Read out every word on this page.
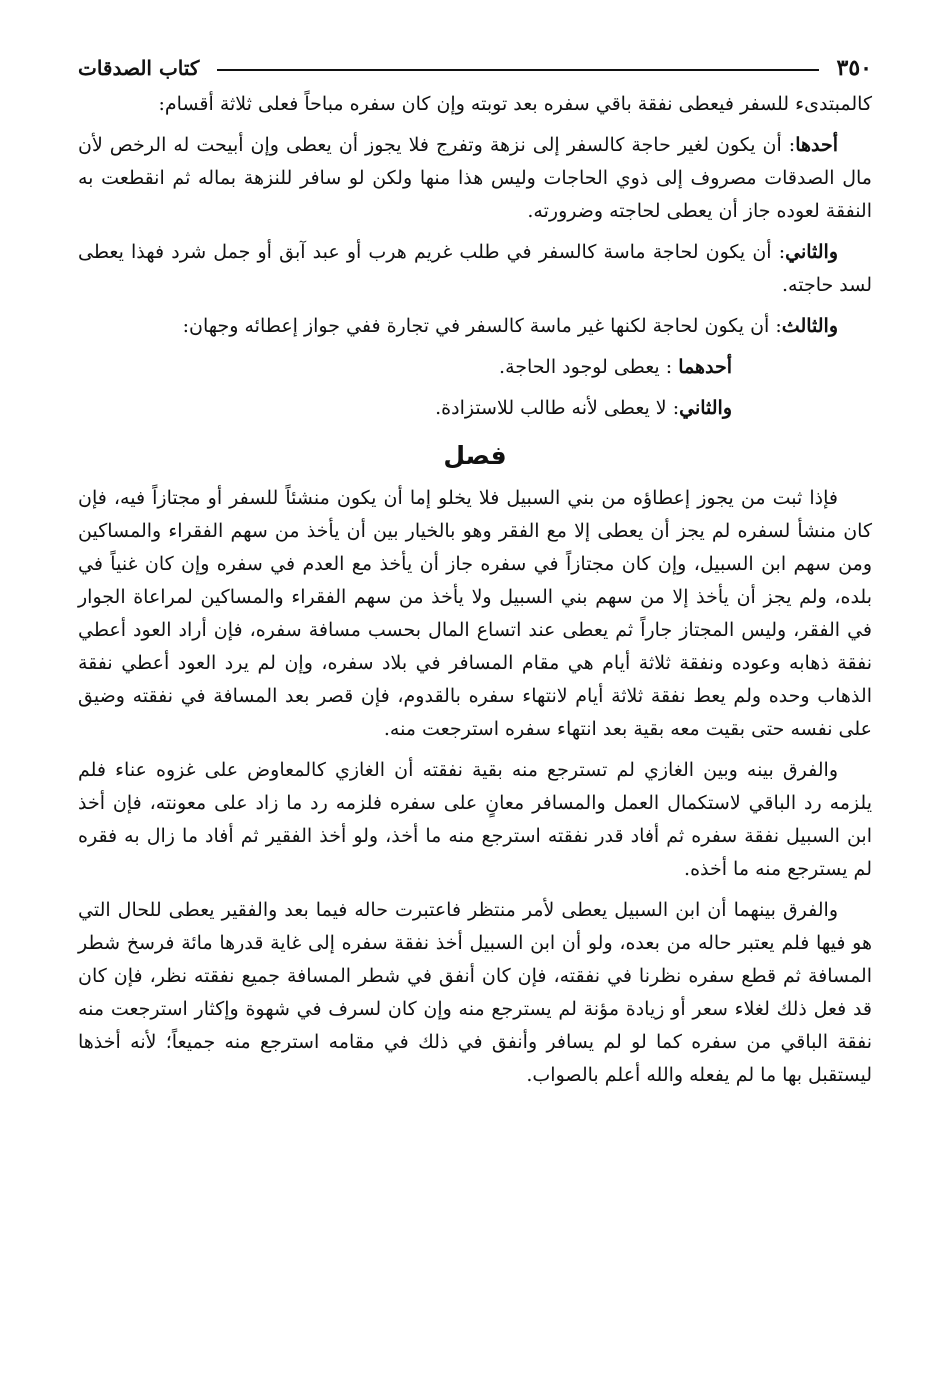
٣٥٠
كتاب الصدقات

كالمبتدىء للسفر فيعطى نفقة باقي سفره بعد توبته وإن كان سفره مباحاً فعلى ثلاثة أقسام:

أحدها: أن يكون لغير حاجة كالسفر إلى نزهة وتفرج فلا يجوز أن يعطى وإن أبيحت له الرخص لأن مال الصدقات مصروف إلى ذوي الحاجات وليس هذا منها ولكن لو سافر للنزهة بماله ثم انقطعت به النفقة لعوده جاز أن يعطى لحاجته وضرورته.

والثاني: أن يكون لحاجة ماسة كالسفر في طلب غريم هرب أو عبد آبق أو جمل شرد فهذا يعطى لسد حاجته.

والثالث: أن يكون لحاجة لكنها غير ماسة كالسفر في تجارة ففي جواز إعطائه وجهان:

أحدهما : يعطى لوجود الحاجة.

والثاني: لا يعطى لأنه طالب للاستزادة.

فصل

فإذا ثبت من يجوز إعطاؤه من بني السبيل فلا يخلو إما أن يكون منشئاً للسفر أو مجتازاً فيه، فإن كان منشأ لسفره لم يجز أن يعطى إلا مع الفقر وهو بالخيار بين أن يأخذ من سهم الفقراء والمساكين ومن سهم ابن السبيل، وإن كان مجتازاً في سفره جاز أن يأخذ مع العدم في سفره وإن كان غنياً في بلده، ولم يجز أن يأخذ إلا من سهم بني السبيل ولا يأخذ من سهم الفقراء والمساكين لمراعاة الجوار في الفقر، وليس المجتاز جاراً ثم يعطى عند اتساع المال بحسب مسافة سفره، فإن أراد العود أعطي نفقة ذهابه وعوده ونفقة ثلاثة أيام هي مقام المسافر في بلاد سفره، وإن لم يرد العود أعطي نفقة الذهاب وحده ولم يعط نفقة ثلاثة أيام لانتهاء سفره بالقدوم، فإن قصر بعد المسافة في نفقته وضيق على نفسه حتى بقيت معه بقية بعد انتهاء سفره استرجعت منه.

والفرق بينه وبين الغازي لم تسترجع منه بقية نفقته أن الغازي كالمعاوض على غزوه عناء فلم يلزمه رد الباقي لاستكمال العمل والمسافر معانٍ على سفره فلزمه رد ما زاد على معونته، فإن أخذ ابن السبيل نفقة سفره ثم أفاد قدر نفقته استرجع منه ما أخذ، ولو أخذ الفقير ثم أفاد ما زال به فقره لم يسترجع منه ما أخذه.

والفرق بينهما أن ابن السبيل يعطى لأمر منتظر فاعتبرت حاله فيما بعد والفقير يعطى للحال التي هو فيها فلم يعتبر حاله من بعده، ولو أن ابن السبيل أخذ نفقة سفره إلى غاية قدرها مائة فرسخ شطر المسافة ثم قطع سفره نظرنا في نفقته، فإن كان أنفق في شطر المسافة جميع نفقته نظر، فإن كان قد فعل ذلك لغلاء سعر أو زيادة مؤنة لم يسترجع منه وإن كان لسرف في شهوة وإكثار استرجعت منه نفقة الباقي من سفره كما لو لم يسافر وأنفق في ذلك في مقامه استرجع منه جميعاً؛ لأنه أخذها ليستقبل بها ما لم يفعله والله أعلم بالصواب.
